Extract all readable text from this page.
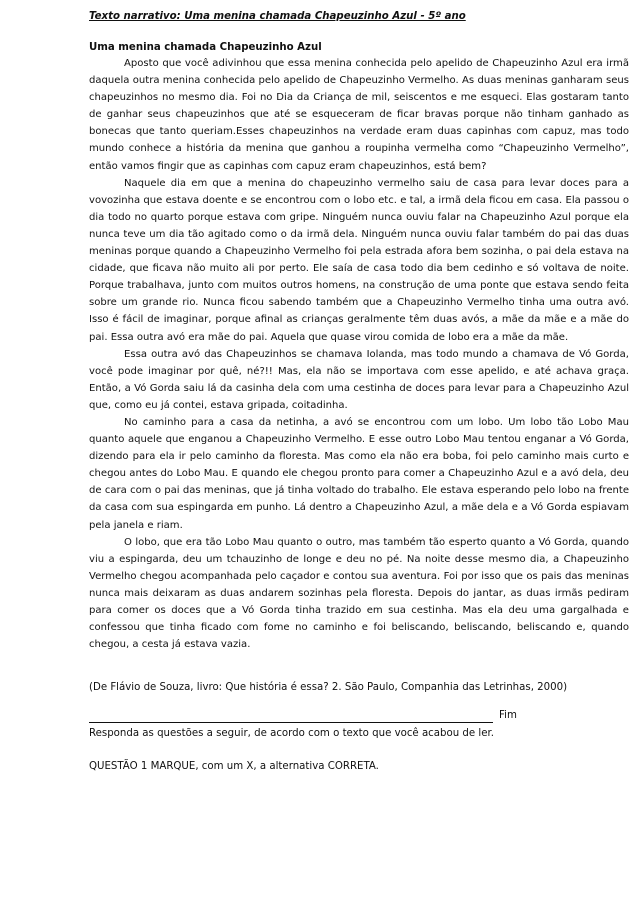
Texto narrativo: Uma menina chamada Chapeuzinho Azul - 5º ano

Uma menina chamada Chapeuzinho Azul

Aposto que você adivinhou que essa menina conhecida pelo apelido de Chapeuzinho Azul era irmã daquela outra menina conhecida pelo apelido de Chapeuzinho Vermelho. As duas meninas ganharam seus chapeuzinhos no mesmo dia. Foi no Dia da Criança de mil, seiscentos e me esqueci. Elas gostaram tanto de ganhar seus chapeuzinhos que até se esqueceram de ficar bravas porque não tinham ganhado as bonecas que tanto queriam.Esses chapeuzinhos na verdade eram duas capinhas com capuz, mas todo mundo conhece a história da menina que ganhou a roupinha vermelha como “Chapeuzinho Vermelho”, então vamos fingir que as capinhas com capuz eram chapeuzinhos, está bem?

Naquele dia em que a menina do chapeuzinho vermelho saiu de casa para levar doces para a vovozinha que estava doente e se encontrou com o lobo etc. e tal, a irmã dela ficou em casa. Ela passou o dia todo no quarto porque estava com gripe. Ninguém nunca ouviu falar na Chapeuzinho Azul porque ela nunca teve um dia tão agitado como o da irmã dela. Ninguém nunca ouviu falar também do pai das duas meninas porque quando a Chapeuzinho Vermelho foi pela estrada afora bem sozinha, o pai dela estava na cidade, que ficava não muito ali por perto. Ele saía de casa todo dia bem cedinho e só voltava de noite. Porque trabalhava, junto com muitos outros homens, na construção de uma ponte que estava sendo feita sobre um grande rio. Nunca ficou sabendo também que a Chapeuzinho Vermelho tinha uma outra avó. Isso é fácil de imaginar, porque afinal as crianças geralmente têm duas avós, a mãe da mãe e a mãe do pai. Essa outra avó era mãe do pai. Aquela que quase virou comida de lobo era a mãe da mãe.

Essa outra avó das Chapeuzinhos se chamava Iolanda, mas todo mundo a chamava de Vó Gorda, você pode imaginar por quê, né?!! Mas, ela não se importava com esse apelido, e até achava graça. Então, a Vó Gorda saiu lá da casinha dela com uma cestinha de doces para levar para a Chapeuzinho Azul que, como eu já contei, estava gripada, coitadinha.

No caminho para a casa da netinha, a avó se encontrou com um lobo. Um lobo tão Lobo Mau quanto aquele que enganou a Chapeuzinho Vermelho. E esse outro Lobo Mau tentou enganar a Vó Gorda, dizendo para ela ir pelo caminho da floresta. Mas como ela não era boba, foi pelo caminho mais curto e chegou antes do Lobo Mau. E quando ele chegou pronto para comer a Chapeuzinho Azul e a avó dela, deu de cara com o pai das meninas, que já tinha voltado do trabalho. Ele estava esperando pelo lobo na frente da casa com sua espingarda em punho. Lá dentro a Chapeuzinho Azul, a mãe dela e a Vó Gorda espiavam pela janela e riam.

O lobo, que era tão Lobo Mau quanto o outro, mas também tão esperto quanto a Vó Gorda, quando viu a espingarda, deu um tchauzinho de longe e deu no pé. Na noite desse mesmo dia, a Chapeuzinho Vermelho chegou acompanhada pelo caçador e contou sua aventura. Foi por isso que os pais das meninas nunca mais deixaram as duas andarem sozinhas pela floresta. Depois do jantar, as duas irmãs pediram para comer os doces que a Vó Gorda tinha trazido em sua cestinha. Mas ela deu uma gargalhada e confessou que tinha ficado com fome no caminho e foi beliscando, beliscando, beliscando e, quando chegou, a cesta já estava vazia.

(De Flávio de Souza, livro: Que história é essa? 2. São Paulo, Companhia das Letrinhas, 2000)

Fim

Responda as questões a seguir, de acordo com o texto que você acabou de ler.

QUESTÃO 1 MARQUE, com um X, a alternativa CORRETA.
